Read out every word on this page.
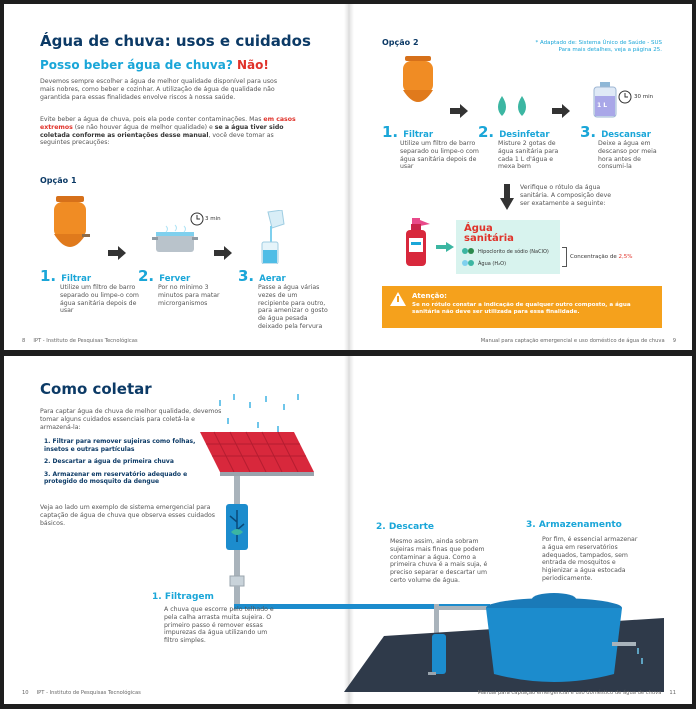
Água de chuva: usos e cuidados
Posso beber água de chuva? Não!
Devemos sempre escolher a água de melhor qualidade disponível para usos mais nobres, como beber e cozinhar. A utilização de água de qualidade não garantida para essas finalidades envolve riscos à nossa saúde.
Evite beber a água de chuva, pois ela pode conter contaminações. Mas em casos extremos (se não houver água de melhor qualidade) e se a água tiver sido coletada conforme as orientações desse manual, você deve tomar as seguintes precauções:
Opção 1
3 min
1. Filtrar
Utilize um filtro de barro separado ou limpe-o com água sanitária depois de usar
2. Ferver
Por no mínimo 3 minutos para matar microrganismos
3. Aerar
Passe a água várias vezes de um recipiente para outro, para amenizar o gosto de água pesada deixado pela fervura
8 IPT - Instituto de Pesquisas Tecnológicas
Opção 2	* Adaptado de: Sistema Único de Saúde - SUS
Para mais detalhes, veja a página 25.
1 L
30 min
1. Filtrar
Utilize um filtro de barro separado ou limpe-o com água sanitária depois de usar
2. Desinfetar
Misture 2 gotas de água sanitária para cada 1 L d'água e mexa bem
3. Descansar
Deixe a água em descanso por meia hora antes de consumi-la
Verifique o rótulo da água sanitária. A composição deve ser exatamente a seguinte:
Água sanitária
Hipoclorito de sódio (NaClO)
Água (H₂O)
Concentração de 2,5%
Atenção:
Se no rótulo constar a indicação de qualquer outro composto, a água sanitária não deve ser utilizada para essa finalidade.
Manual para captação emergencial e uso doméstico de água de chuva 9
Como coletar
Para captar água de chuva de melhor qualidade, devemos tomar alguns cuidados essenciais para coletá-la e armazená-la:
1. Filtrar para remover sujeiras como folhas, insetos e outras partículas
2. Descartar a água de primeira chuva
3. Armazenar em reservatório adequado e protegido do mosquito da dengue
Veja ao lado um exemplo de sistema emergencial para captação de água de chuva que observa esses cuidados básicos.
1. Filtragem
A chuva que escorre pelo telhado e pela calha arrasta muita sujeira. O primeiro passo é remover essas impurezas da água utilizando um filtro simples.
2. Descarte
Mesmo assim, ainda sobram sujeiras mais finas que podem contaminar a água. Como a primeira chuva é a mais suja, é preciso separar e descartar um certo volume de água.
3. Armazenamento
Por fim, é essencial armazenar a água em reservatórios adequados, tampados, sem entrada de mosquitos e higienizar a água estocada periodicamente.
10 IPT - Instituto de Pesquisas Tecnológicas	Manual para captação emergencial e uso doméstico de água de chuva 11
